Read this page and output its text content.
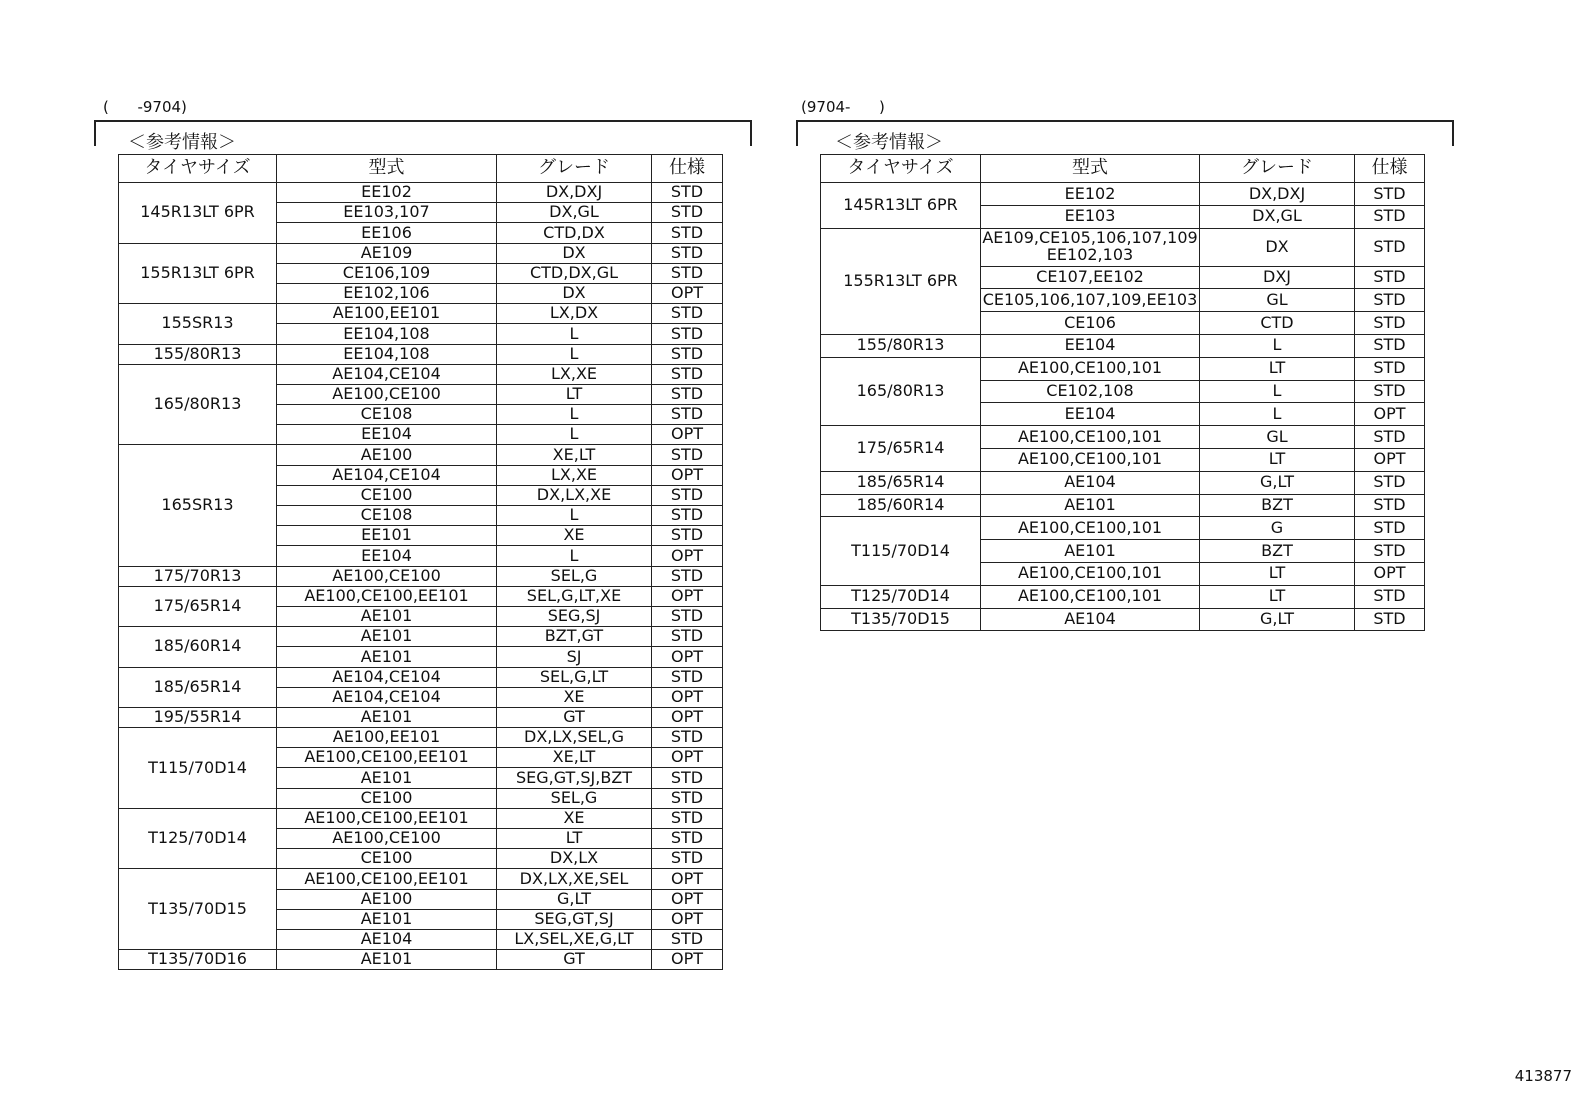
(      -9704)
＜参考情報＞
タイヤサイズ	型式	グレード	仕様
145R13LT 6PR	EE102	DX,DXJ	STD
	EE103,107	DX,GL	STD
	EE106	CTD,DX	STD
155R13LT 6PR	AE109	DX	STD
	CE106,109	CTD,DX,GL	STD
	EE102,106	DX	OPT
155SR13	AE100,EE101	LX,DX	STD
	EE104,108	L	STD
155/80R13	EE104,108	L	STD
165/80R13	AE104,CE104	LX,XE	STD
	AE100,CE100	LT	STD
	CE108	L	STD
	EE104	L	OPT
165SR13	AE100	XE,LT	STD
	AE104,CE104	LX,XE	OPT
	CE100	DX,LX,XE	STD
	CE108	L	STD
	EE101	XE	STD
	EE104	L	OPT
175/70R13	AE100,CE100	SEL,G	STD
175/65R14	AE100,CE100,EE101	SEL,G,LT,XE	OPT
	AE101	SEG,SJ	STD
185/60R14	AE101	BZT,GT	STD
	AE101	SJ	OPT
185/65R14	AE104,CE104	SEL,G,LT	STD
	AE104,CE104	XE	OPT
195/55R14	AE101	GT	OPT
T115/70D14	AE100,EE101	DX,LX,SEL,G	STD
	AE100,CE100,EE101	XE,LT	OPT
	AE101	SEG,GT,SJ,BZT	STD
	CE100	SEL,G	STD
T125/70D14	AE100,CE100,EE101	XE	STD
	AE100,CE100	LT	STD
	CE100	DX,LX	STD
T135/70D15	AE100,CE100,EE101	DX,LX,XE,SEL	OPT
	AE100	G,LT	OPT
	AE101	SEG,GT,SJ	OPT
	AE104	LX,SEL,XE,G,LT	STD
T135/70D16	AE101	GT	OPT
(9704-      )
＜参考情報＞
タイヤサイズ	型式	グレード	仕様
145R13LT 6PR	EE102	DX,DXJ	STD
	EE103	DX,GL	STD
155R13LT 6PR	AE109,CE105,106,107,109
EE102,103	DX	STD
	CE107,EE102	DXJ	STD
	CE105,106,107,109,EE103	GL	STD
	CE106	CTD	STD
155/80R13	EE104	L	STD
165/80R13	AE100,CE100,101	LT	STD
	CE102,108	L	STD
	EE104	L	OPT
175/65R14	AE100,CE100,101	GL	STD
	AE100,CE100,101	LT	OPT
185/65R14	AE104	G,LT	STD
185/60R14	AE101	BZT	STD
T115/70D14	AE100,CE100,101	G	STD
	AE101	BZT	STD
	AE100,CE100,101	LT	OPT
T125/70D14	AE100,CE100,101	LT	STD
T135/70D15	AE104	G,LT	STD
413877
